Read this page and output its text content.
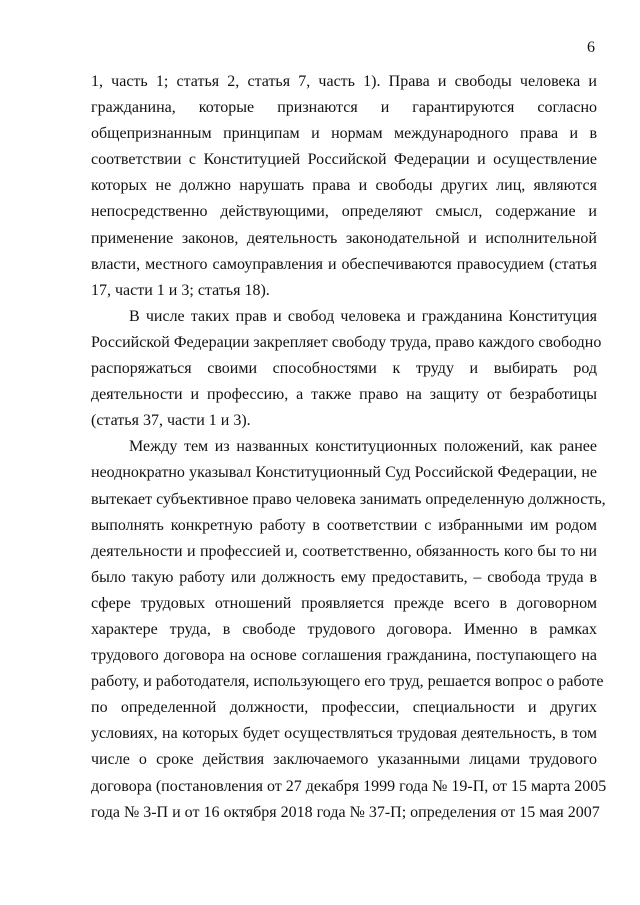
6

1, часть 1; статья 2, статья 7, часть 1). Права и свободы человека и
гражданина, которые признаются и гарантируются согласно
общепризнанным принципам и нормам международного права и в
соответствии с Конституцией Российской Федерации и осуществление
которых не должно нарушать права и свободы других лиц, являются
непосредственно действующими, определяют смысл, содержание и
применение законов, деятельность законодательной и исполнительной
власти, местного самоуправления и обеспечиваются правосудием (статья
17, части 1 и 3; статья 18).

В числе таких прав и свобод человека и гражданина Конституция
Российской Федерации закрепляет свободу труда, право каждого свободно
распоряжаться своими способностями к труду и выбирать род
деятельности и профессию, а также право на защиту от безработицы
(статья 37, части 1 и 3).

Между тем из названных конституционных положений, как ранее
неоднократно указывал Конституционный Суд Российской Федерации, не
вытекает субъективное право человека занимать определенную должность,
выполнять конкретную работу в соответствии с избранными им родом
деятельности и профессией и, соответственно, обязанность кого бы то ни
было такую работу или должность ему предоставить, – свобода труда в
сфере трудовых отношений проявляется прежде всего в договорном
характере труда, в свободе трудового договора. Именно в рамках
трудового договора на основе соглашения гражданина, поступающего на
работу, и работодателя, использующего его труд, решается вопрос о работе
по определенной должности, профессии, специальности и других
условиях, на которых будет осуществляться трудовая деятельность, в том
числе о сроке действия заключаемого указанными лицами трудового
договора (постановления от 27 декабря 1999 года № 19-П, от 15 марта 2005
года № 3-П и от 16 октября 2018 года № 37-П; определения от 15 мая 2007
